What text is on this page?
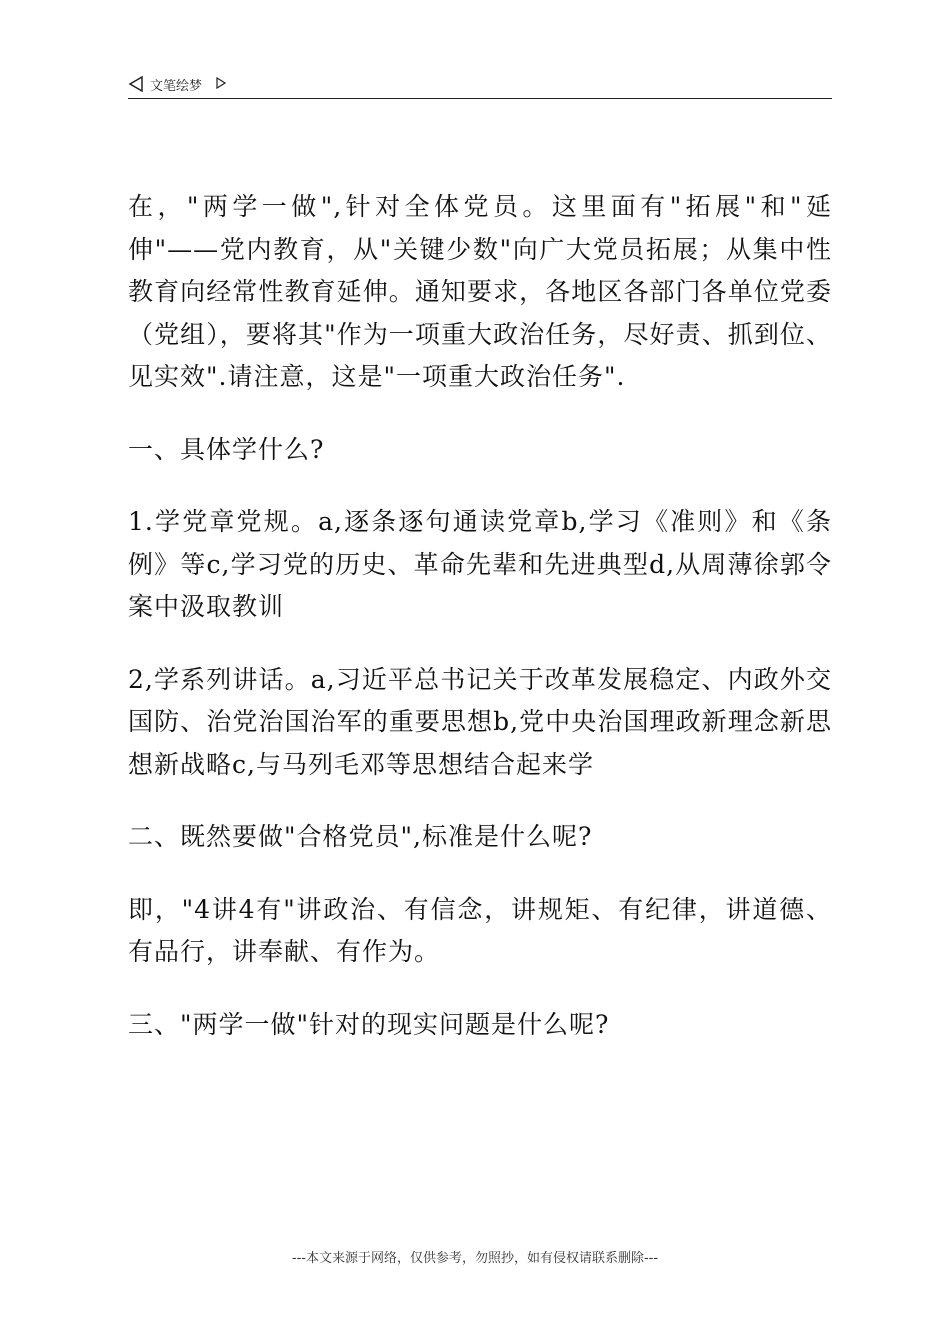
文笔绘梦

在，"两学一做",针对全体党员。这里面有"拓展"和"延伸"——党内教育，从"关键少数"向广大党员拓展；从集中性教育向经常性教育延伸。通知要求，各地区各部门各单位党委（党组），要将其"作为一项重大政治任务，尽好责、抓到位、见实效".请注意，这是"一项重大政治任务".

一、具体学什么?

1.学党章党规。a,逐条逐句通读党章b,学习《准则》和《条例》等c,学习党的历史、革命先辈和先进典型d,从周薄徐郭令案中汲取教训

2,学系列讲话。a,习近平总书记关于改革发展稳定、内政外交国防、治党治国治军的重要思想b,党中央治国理政新理念新思想新战略c,与马列毛邓等思想结合起来学

二、既然要做"合格党员",标准是什么呢?

即，"4讲4有"讲政治、有信念，讲规矩、有纪律，讲道德、有品行，讲奉献、有作为。

三、"两学一做"针对的现实问题是什么呢?

---本文来源于网络，仅供参考，勿照抄，如有侵权请联系删除---
